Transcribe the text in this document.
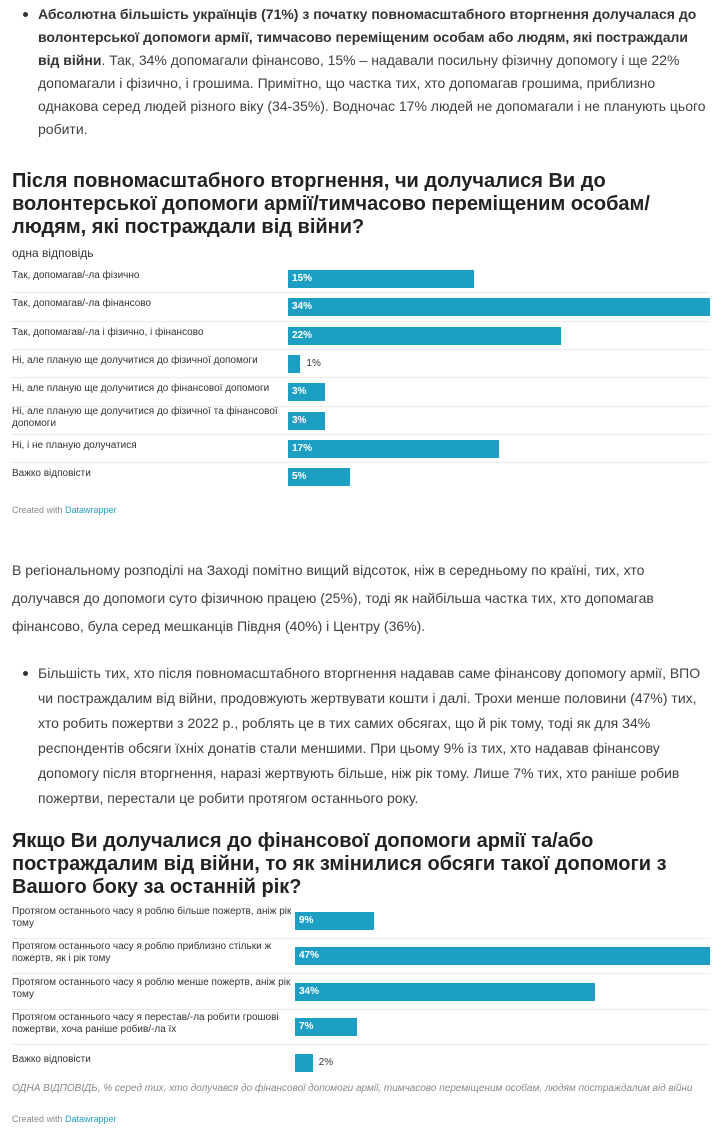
Абсолютна більшість українців (71%) з початку повномасштабного вторгнення долучалася до волонтерської допомоги армії, тимчасово переміщеним особам або людям, які постраждали від війни. Так, 34% допомагали фінансово, 15% – надавали посильну фізичну допомогу і ще 22% допомагали і фізично, і грошима. Примітно, що частка тих, хто допомагав грошима, приблизно однакова серед людей різного віку (34-35%). Водночас 17% людей не допомагали і не планують цього робити.

Після повномасштабного вторгнення, чи долучалися Ви до волонтерської допомоги армії/тимчасово переміщеним особам/людям, які постраждали від війни?
одна відповідь
Так, допомагав/-ла фізично	15%
Так, допомагав/-ла фінансово	34%
Так, допомагав/-ла і фізично, і фінансово	22%
Ні, але планую ще долучитися до фізичної допомоги	1%
Ні, але планую ще долучитися до фінансової допомоги	3%
Ні, але планую ще долучитися до фізичної та фінансової допомоги	3%
Ні, і не планую долучатися	17%
Важко відповісти	5%
Created with Datawrapper

В регіональному розподілі на Заході помітно вищий відсоток, ніж в середньому по країні, тих, хто долучався до допомоги суто фізичною працею (25%), тоді як найбільша частка тих, хто допомагав фінансово, була серед мешканців Півдня (40%) і Центру (36%).

Більшість тих, хто після повномасштабного вторгнення надавав саме фінансову допомогу армії, ВПО чи постраждалим від війни, продовжують жертвувати кошти і далі. Трохи менше половини (47%) тих, хто робить пожертви з 2022 р., роблять це в тих самих обсягах, що й рік тому, тоді як для 34% респондентів обсяги їхніх донатів стали меншими. При цьому 9% із тих, хто надавав фінансову допомогу після вторгнення, наразі жертвують більше, ніж рік тому. Лише 7% тих, хто раніше робив пожертви, перестали це робити протягом останнього року.

Якщо Ви долучалися до фінансової допомоги армії та/або постраждалим від війни, то як змінилися обсяги такої допомоги з Вашого боку за останній рік?
Протягом останнього часу я роблю більше пожертв, аніж рік тому	9%
Протягом останнього часу я роблю приблизно стільки ж пожертв, як і рік тому	47%
Протягом останнього часу я роблю менше пожертв, аніж рік тому	34%
Протягом останнього часу я перестав/-ла робити грошові пожертви, хоча раніше робив/-ла їх	7%
Важко відповісти	2%
ОДНА ВІДПОВІДЬ, % серед тих, хто долучався до фінансової допомоги армії, тимчасово переміщеним особам, людям постраждалим від війни
Created with Datawrapper
